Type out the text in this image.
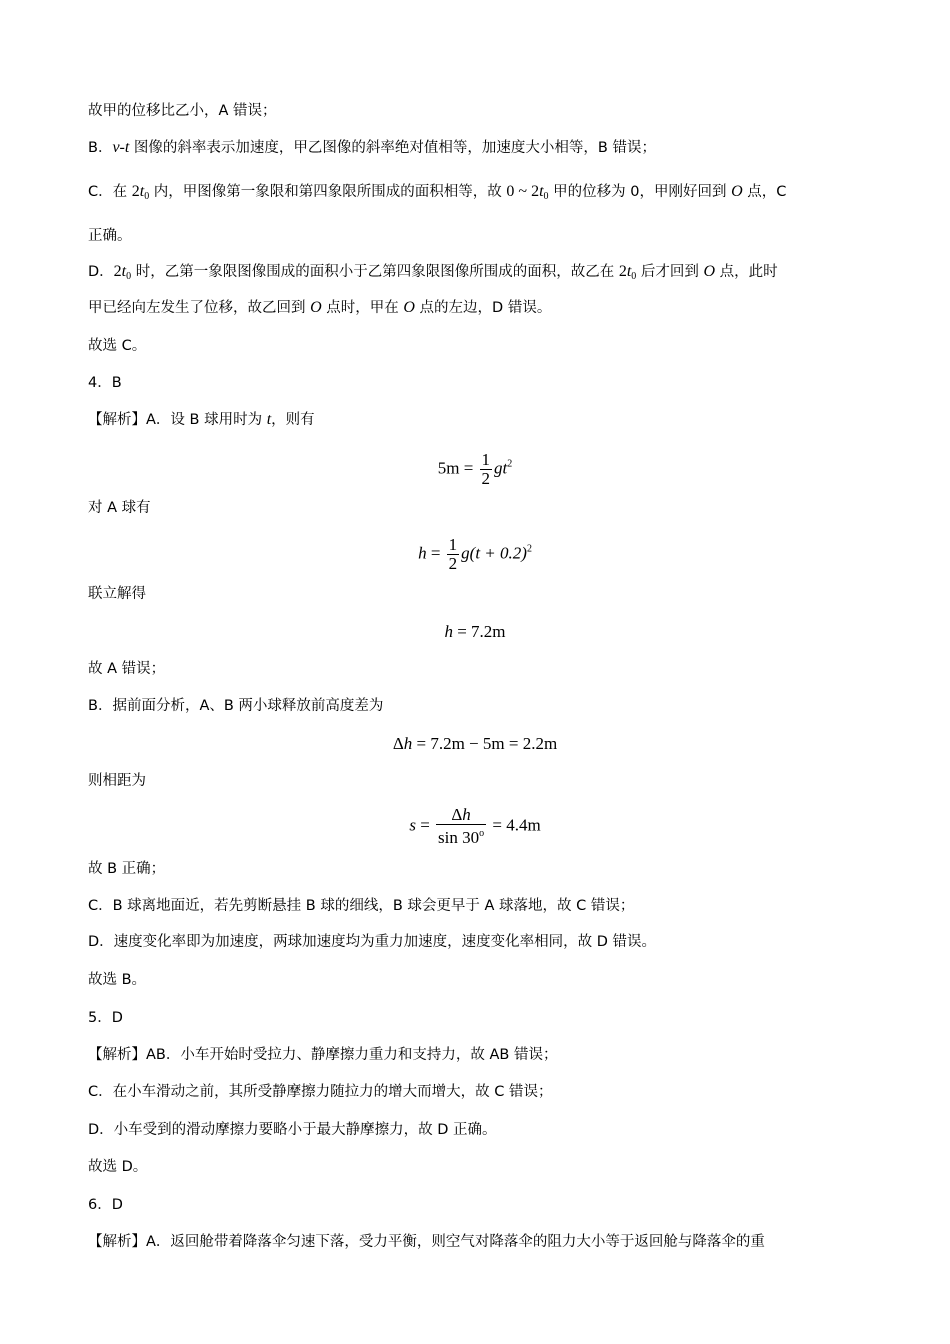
故甲的位移比乙小，A 错误；
B．v-t 图像的斜率表示加速度，甲乙图像的斜率绝对值相等，加速度大小相等，B 错误；
C．在 $2t_0$ 内，甲图像第一象限和第四象限所围成的面积相等，故 0 ~ $2t_0$ 甲的位移为 0，甲刚好回到 O 点，C
正确。
D．$2t_0$ 时，乙第一象限图像围成的面积小于乙第四象限图像所围成的面积，故乙在 $2t_0$ 后才回到 O 点，此时
甲已经向左发生了位移，故乙回到 O 点时，甲在 O 点的左边，D 错误。
故选 C。
4．B
【解析】A．设 B 球用时为 t，则有
$5m = \frac{1}{2} gt^2$
对 A 球有
$h = \frac{1}{2} g(t + 0.2)^2$
联立解得
h = 7.2m
故 A 错误；
B．据前面分析，A、B 两小球释放前高度差为
Δh = 7.2m − 5m = 2.2m
则相距为
$s = \frac{\Delta h}{\sin 30^o} = 4.4m$
故 B 正确；
C．B 球离地面近，若先剪断悬挂 B 球的细线，B 球会更早于 A 球落地，故 C 错误；
D．速度变化率即为加速度，两球加速度均为重力加速度，速度变化率相同，故 D 错误。
故选 B。
5．D
【解析】AB．小车开始时受拉力、静摩擦力重力和支持力，故 AB 错误；
C．在小车滑动之前，其所受静摩擦力随拉力的增大而增大，故 C 错误；
D．小车受到的滑动摩擦力要略小于最大静摩擦力，故 D 正确。
故选 D。
6．D
【解析】A．返回舱带着降落伞匀速下落，受力平衡，则空气对降落伞的阻力大小等于返回舱与降落伞的重
